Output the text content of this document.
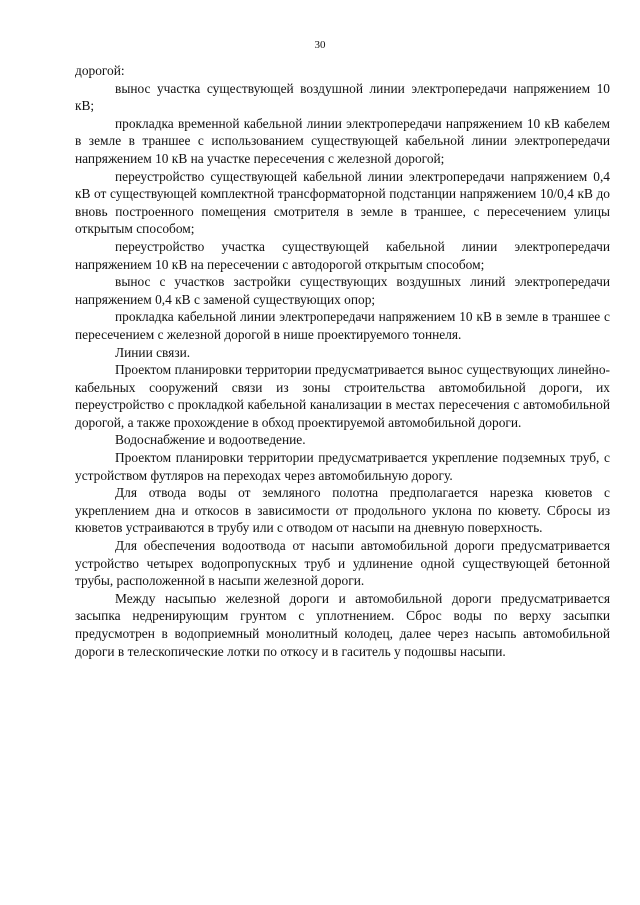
30

дорогой:

вынос участка существующей воздушной линии электропередачи напряжением 10 кВ;

прокладка временной кабельной линии электропередачи напряжением 10 кВ кабелем в земле в траншее с использованием существующей кабельной линии электропередачи напряжением 10 кВ на участке пересечения с железной дорогой;

переустройство существующей кабельной линии электропередачи напряжением 0,4 кВ от существующей комплектной трансформаторной подстанции напряжением 10/0,4 кВ до вновь построенного помещения смотрителя в земле в траншее, с пересечением улицы открытым способом;

переустройство участка существующей кабельной линии электропередачи напряжением 10 кВ на пересечении с автодорогой открытым способом;

вынос с участков застройки существующих воздушных линий электропередачи напряжением 0,4 кВ с заменой существующих опор;

прокладка кабельной линии электропередачи напряжением 10 кВ в земле в траншее с пересечением с железной дорогой в нише проектируемого тоннеля.

Линии связи.

Проектом планировки территории предусматривается вынос существующих линейно-кабельных сооружений связи из зоны строительства автомобильной дороги, их переустройство с прокладкой кабельной канализации в местах пересечения с автомобильной дорогой, а также прохождение в обход проектируемой автомобильной дороги.

Водоснабжение и водоотведение.

Проектом планировки территории предусматривается укрепление подземных труб, с устройством футляров на переходах через автомобильную дорогу.

Для отвода воды от земляного полотна предполагается нарезка кюветов с укреплением дна и откосов в зависимости от продольного уклона по кювету. Сбросы из кюветов устраиваются в трубу или с отводом от насыпи на дневную поверхность.

Для обеспечения водоотвода от насыпи автомобильной дороги предусматривается устройство четырех водопропускных труб и удлинение одной существующей бетонной трубы, расположенной в насыпи железной дороги.

Между насыпью железной дороги и автомобильной дороги предусматривается засыпка недренирующим грунтом с уплотнением. Сброс воды по верху засыпки предусмотрен в водоприемный монолитный колодец, далее через насыпь автомобильной дороги в телескопические лотки по откосу и в гаситель у подошвы насыпи.
